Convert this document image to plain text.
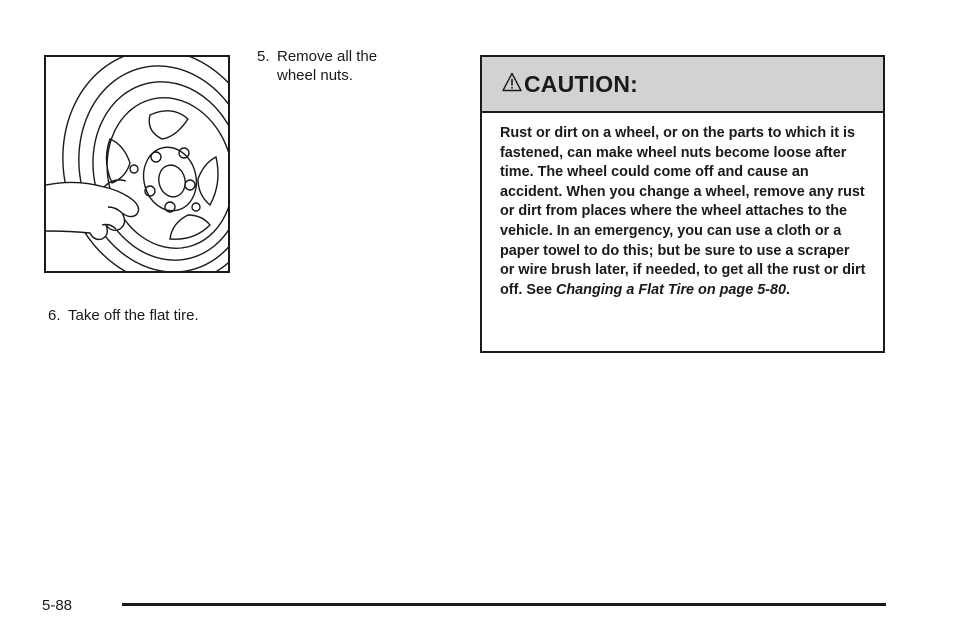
5. Remove all the
wheel nuts.
6. Take off the flat tire.
CAUTION:
Rust or dirt on a wheel, or on the parts to which it is fastened, can make wheel nuts become loose after time. The wheel could come off and cause an accident. When you change a wheel, remove any rust or dirt from places where the wheel attaches to the vehicle. In an emergency, you can use a cloth or a paper towel to do this; but be sure to use a scraper or wire brush later, if needed, to get all the rust or dirt off. See Changing a Flat Tire on page 5-80.
5-88
